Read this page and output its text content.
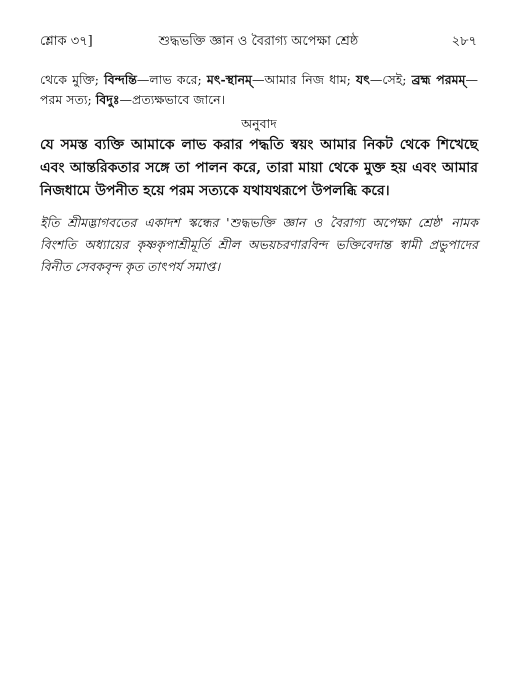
শ্লোক ৩৭]	শুদ্ধভক্তি জ্ঞান ও বৈরাগ্য অপেক্ষা শ্রেষ্ঠ	২৮৭

থেকে মুক্তি; বিন্দন্তি—লাভ করে; মৎ-স্থানম্—আমার নিজ ধাম; যৎ—সেই; ব্রহ্ম পরমম্—পরম সত্য; বিদুঃ—প্রত্যক্ষভাবে জানে।

অনুবাদ

যে সমস্ত ব্যক্তি আমাকে লাভ করার পদ্ধতি স্বয়ং আমার নিকট থেকে শিখেছে এবং আন্তরিকতার সঙ্গে তা পালন করে, তারা মায়া থেকে মুক্ত হয় এবং আমার নিজধামে উপনীত হয়ে পরম সত্যকে যথাযথরূপে উপলব্ধি করে।

ইতি শ্রীমদ্ভাগবতের একাদশ স্কন্ধের 'শুদ্ধভক্তি জ্ঞান ও বৈরাগ্য অপেক্ষা শ্রেষ্ঠ' নামক বিংশতি অধ্যায়ের কৃষ্ণকৃপাশ্রীমূর্তি শ্রীল অভয়চরণারবিন্দ ভক্তিবেদান্ত স্বামী প্রভুপাদের বিনীত সেবকবৃন্দ কৃত তাৎপর্য সমাপ্ত।
